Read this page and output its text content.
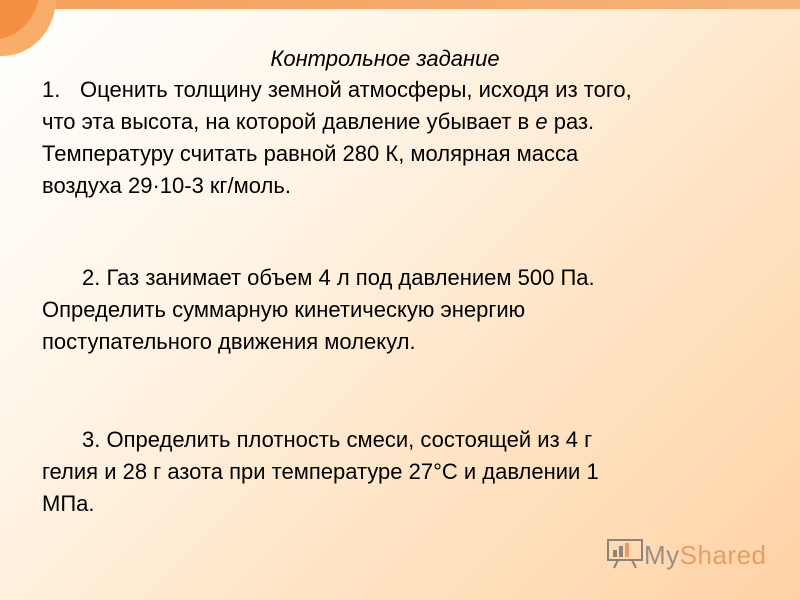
Контрольное задание
1. Оценить толщину земной атмосферы, исходя из того,
что эта высота, на которой давление убывает в е раз.
Температуру считать равной 280 К, молярная масса
воздуха 29·10-3 кг/моль.
2. Газ занимает объем 4 л под давлением 500 Па.
Определить суммарную кинетическую энергию
поступательного движения молекул.
3. Определить плотность смеси, состоящей из 4 г
гелия и 28 г азота при температуре 27°С и давлении 1
МПа.
MyShared
